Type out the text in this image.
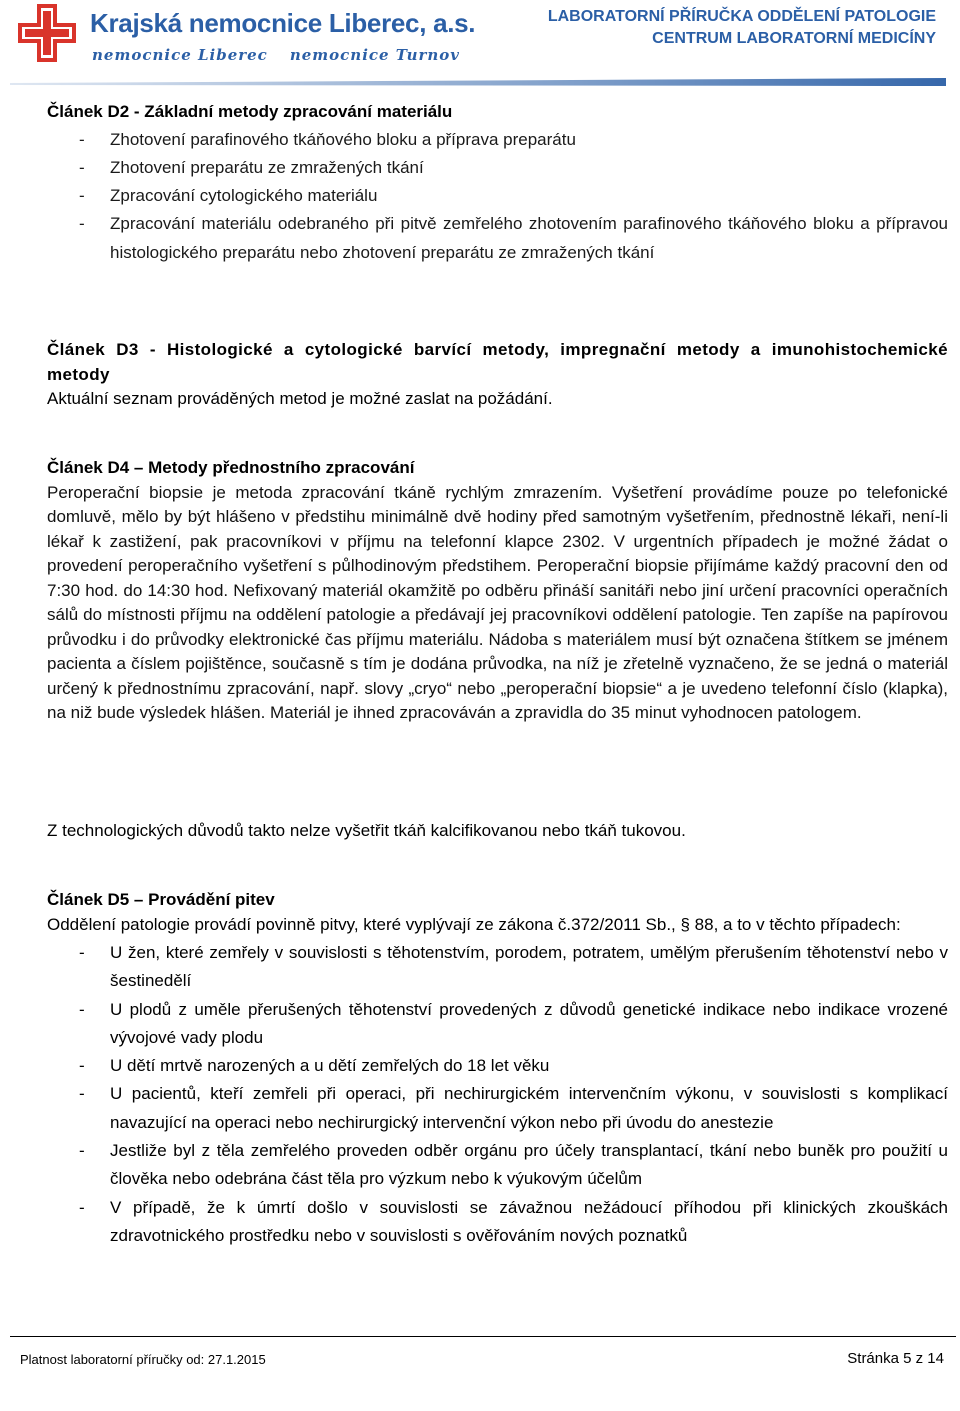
Krajská nemocnice Liberec, a.s.
nemocnice Liberec nemocnice Turnov
LABORATORNÍ PŘÍRUČKA ODDĚLENÍ PATOLOGIE
CENTRUM LABORATORNÍ MEDICÍNY
Článek D2 - Základní metody zpracování materiálu
- Zhotovení parafinového tkáňového bloku a příprava preparátu
- Zhotovení preparátu ze zmražených tkání
- Zpracování cytologického materiálu
- Zpracování materiálu odebraného při pitvě zemřelého zhotovením parafinového tkáňového bloku a přípravou histologického preparátu nebo zhotovení preparátu ze zmražených tkání
Článek D3 - Histologické a cytologické barvící metody, impregnační metody a imunohistochemické metody

Aktuální seznam prováděných metod je možné zaslat na požádání.

Článek D4 – Metody přednostního zpracování

Peroperační biopsie je metoda zpracování tkáně rychlým zmrazením. Vyšetření provádíme pouze po telefonické domluvě, mělo by být hlášeno v předstihu minimálně dvě hodiny před samotným vyšetřením, přednostně lékaři, není-li lékař k zastižení, pak pracovníkovi v příjmu na telefonní klapce 2302. V urgentních případech je možné žádat o provedení peroperačního vyšetření s půlhodinovým předstihem. Peroperační biopsie přijímáme každý pracovní den od 7:30 hod. do 14:30 hod. Nefixovaný materiál okamžitě po odběru přináší sanitáři nebo jiní určení pracovníci operačních sálů do místnosti příjmu na oddělení patologie a předávají jej pracovníkovi oddělení patologie. Ten zapíše na papírovou průvodku i do průvodky elektronické čas příjmu materiálu. Nádoba s materiálem musí být označena štítkem se jménem pacienta a číslem pojištěnce, současně s tím je dodána průvodka, na níž je zřetelně vyznačeno, že se jedná o materiál určený k přednostnímu zpracování, např. slovy „cryo“ nebo „peroperační biopsie“ a je uvedeno telefonní číslo (klapka), na niž bude výsledek hlášen. Materiál je ihned zpracováván a zpravidla do 35 minut vyhodnocen patologem.

Z technologických důvodů takto nelze vyšetřit tkáň kalcifikovanou nebo tkáň tukovou.

Článek D5 – Provádění pitev

Oddělení patologie provádí povinně pitvy, které vyplývají ze zákona č.372/2011 Sb., § 88, a to v těchto případech:

- U žen, které zemřely v souvislosti s těhotenstvím, porodem, potratem, umělým přerušením těhotenství nebo v šestinedělí
- U plodů z uměle přerušených těhotenství provedených z důvodů genetické indikace nebo indikace vrozené vývojové vady plodu
- U dětí mrtvě narozených a u dětí zemřelých do 18 let věku
- U pacientů, kteří zemřeli při operaci, při nechirurgickém intervenčním výkonu, v souvislosti s komplikací navazující na operaci nebo nechirurgický intervenční výkon nebo při úvodu do anestezie
- Jestliže byl z těla zemřelého proveden odběr orgánu pro účely transplantací, tkání nebo buněk pro použití u člověka nebo odebrána část těla pro výzkum nebo k výukovým účelům
- V případě, že k úmrtí došlo v souvislosti se závažnou nežádoucí příhodou při klinických zkouškách zdravotnického prostředku nebo v souvislosti s ověřováním nových poznatků
Platnost laboratorní příručky od: 27.1.2015	Stránka 5 z 14
